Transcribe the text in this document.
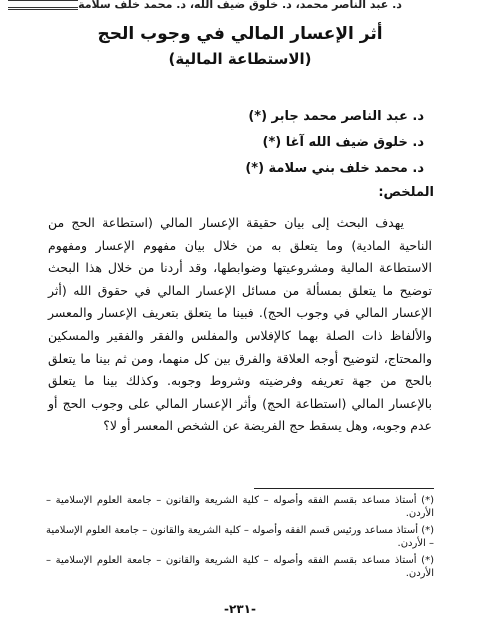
د. عبد الناصر محمد، د. خلوق ضيف الله، د. محمد خلف سلامة
أثر الإعسار المالي في وجوب الحج
(الاستطاعة المالية)
د. عبد الناصر محمد جابر (*)
د. خلوق ضيف الله آغا (*)
د. محمد خلف بني سلامة (*)
الملخص:
يهدف البحث إلى بيان حقيقة الإعسار المالي (استطاعة الحج من الناحية المادية) وما يتعلق به من خلال بيان مفهوم الإعسار ومفهوم الاستطاعة المالية ومشروعيتها وضوابطها، وقد أردنا من خلال هذا البحث توضيح ما يتعلق بمسألة من مسائل الإعسار المالي في حقوق الله (أثر الإعسار المالي في وجوب الحج). فبينا ما يتعلق بتعريف الإعسار والمعسر والألفاظ ذات الصلة بهما كالإفلاس والمفلس والفقر والفقير والمسكين والمحتاج، لتوضيح أوجه العلاقة والفرق بين كل منهما، ومن ثم بينا ما يتعلق بالحج من جهة تعريفه وفرضيته وشروط وجوبه. وكذلك بينا ما يتعلق بالإعسار المالي (استطاعة الحج) وأثر الإعسار المالي على وجوب الحج أو عدم وجوبه، وهل يسقط حج الفريضة عن الشخص المعسر أو لا؟
(*) أستاذ مساعد بقسم الفقه وأصوله – كلية الشريعة والقانون – جامعة العلوم الإسلامية – الأردن.
(*) أستاذ مساعد ورئيس قسم الفقه وأصوله – كلية الشريعة والقانون – جامعة العلوم الإسلامية – الأردن.
(*) أستاذ مساعد بقسم الفقه وأصوله – كلية الشريعة والقانون – جامعة العلوم الإسلامية – الأردن.
-٢٣١-
